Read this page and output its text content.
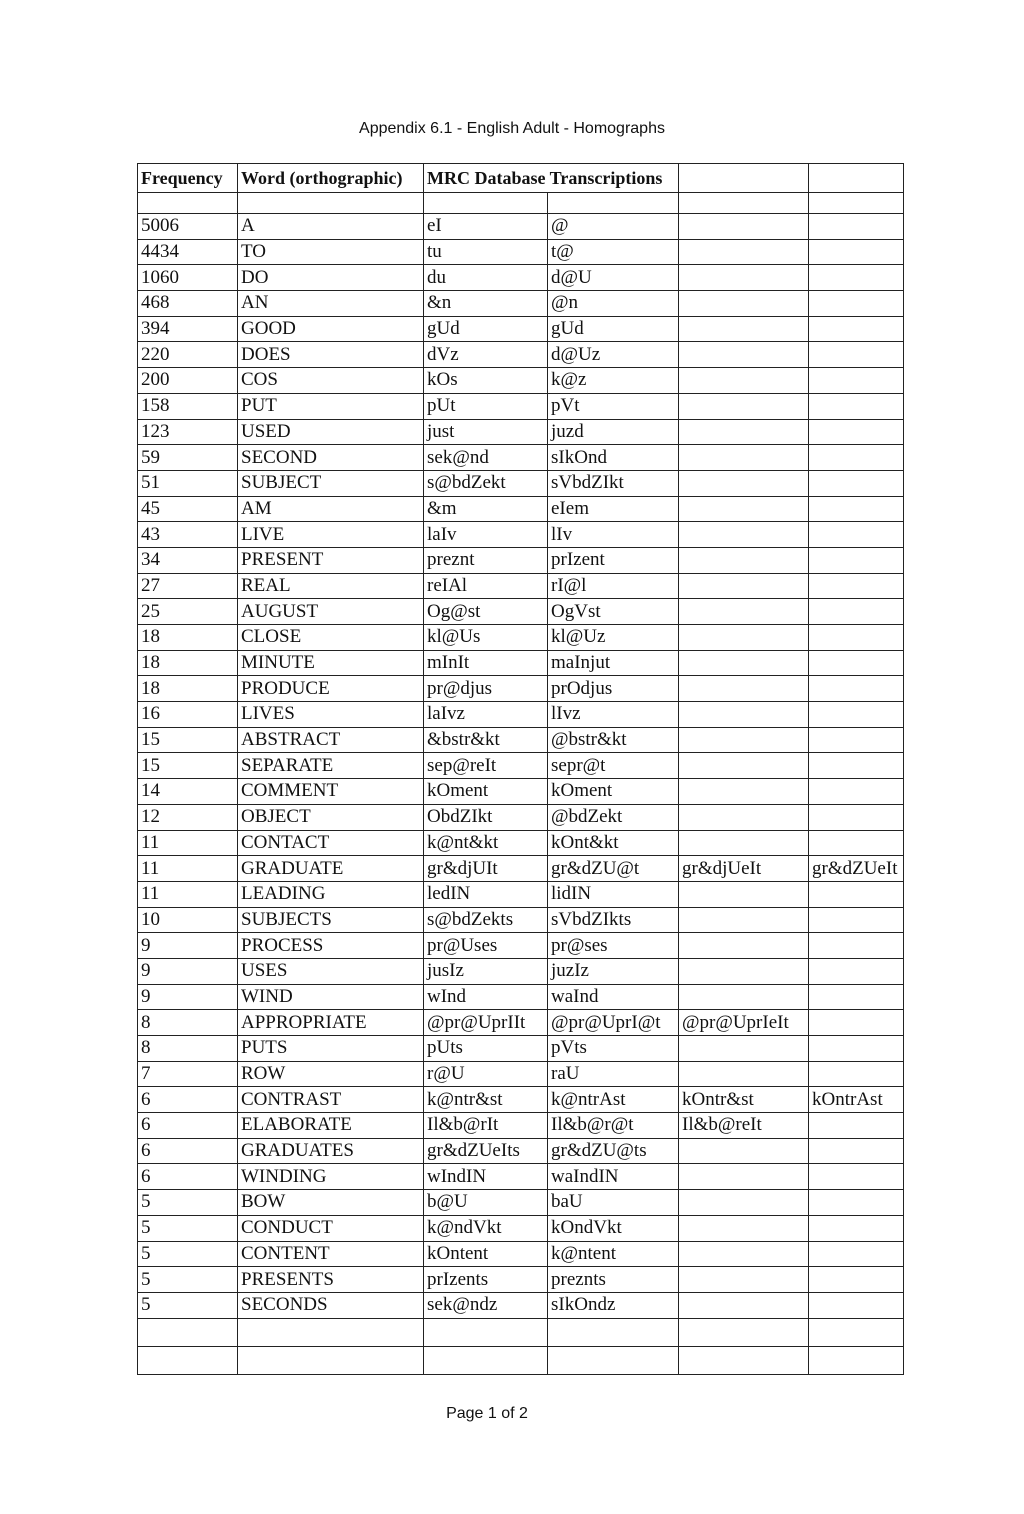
Appendix 6.1 - English Adult - Homographs
Frequency	Word (orthographic)	MRC Database Transcriptions			

5006	A	eI	@		
4434	TO	tu	t@		
1060	DO	du	d@U		
468	AN	&n	@n		
394	GOOD	gUd	gUd		
220	DOES	dVz	d@Uz		
200	COS	kOs	k@z		
158	PUT	pUt	pVt		
123	USED	just	juzd		
59	SECOND	sek@nd	sIkOnd		
51	SUBJECT	s@bdZekt	sVbdZIkt		
45	AM	&m	eIem		
43	LIVE	laIv	lIv		
34	PRESENT	preznt	prIzent		
27	REAL	reIAl	rI@l		
25	AUGUST	Og@st	OgVst		
18	CLOSE	kl@Us	kl@Uz		
18	MINUTE	mInIt	maInjut		
18	PRODUCE	pr@djus	prOdjus		
16	LIVES	laIvz	lIvz		
15	ABSTRACT	&bstr&kt	@bstr&kt		
15	SEPARATE	sep@reIt	sepr@t		
14	COMMENT	kOment	kOment		
12	OBJECT	ObdZIkt	@bdZekt		
11	CONTACT	k@nt&kt	kOnt&kt		
11	GRADUATE	gr&djUIt	gr&dZU@t	gr&djUeIt	gr&dZUeIt
11	LEADING	ledIN	lidIN		
10	SUBJECTS	s@bdZekts	sVbdZIkts		
9	PROCESS	pr@Uses	pr@ses		
9	USES	jusIz	juzIz		
9	WIND	wInd	waInd		
8	APPROPRIATE	@pr@UprIIt	@pr@UprI@t	@pr@UprIeIt	
8	PUTS	pUts	pVts		
7	ROW	r@U	raU		
6	CONTRAST	k@ntr&st	k@ntrAst	kOntr&st	kOntrAst
6	ELABORATE	Il&b@rIt	Il&b@r@t	Il&b@reIt	
6	GRADUATES	gr&dZUeIts	gr&dZU@ts		
6	WINDING	wIndIN	waIndIN		
5	BOW	b@U	baU		
5	CONDUCT	k@ndVkt	kOndVkt		
5	CONTENT	kOntent	k@ntent		
5	PRESENTS	prIzents	preznts		
5	SECONDS	sek@ndz	sIkOndz		

Page 1 of 2
